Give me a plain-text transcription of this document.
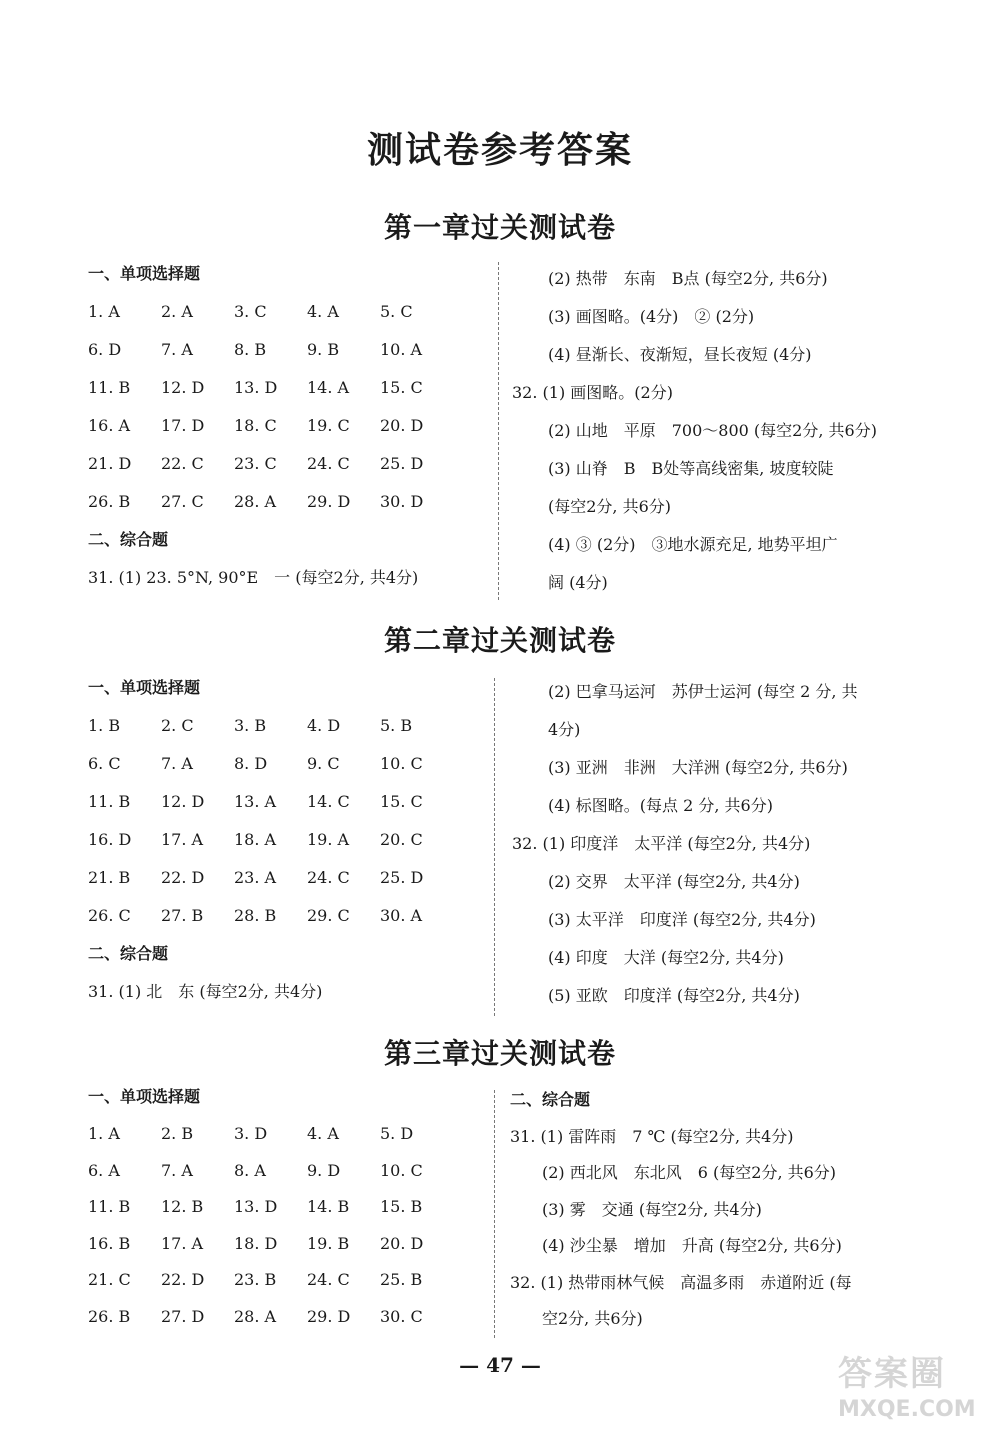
测试卷参考答案
第一章过关测试卷
一、单项选择题
1. A	2. A	3. C	4. A	5. C
6. D 7. A	8. B	9. B	10. A
11. B 12. D 13. D 14. A 15. C
16. A 17. D 18. C 19. C 20. D
21. D 22. C 23. C 24. C 25. D
26. B 27. C 28. A 29. D 30. D
二、综合题
31. (1) 23. 5°N, 90°E　一 (每空2分, 共4分)
(2) 热带　东南　B点 (每空2分, 共6分)
(3) 画图略。(4分)　② (2分)
(4) 昼渐长、夜渐短，昼长夜短 (4分)
32. (1) 画图略。(2分)
(2) 山地　平原　700～800 (每空2分, 共6分)
(3) 山脊　B　B处等高线密集, 坡度较陡
(每空2分, 共6分)
(4) ③ (2分)　③地水源充足, 地势平坦广
阔 (4分)
第二章过关测试卷
一、单项选择题
1. B	2. C	3. B	4. D 5. B
6. C	7. A	8. D 9. C	10. C
11. B 12. D 13. A 14. C 15. C
16. D 17. A 18. A 19. A 20. C
21. B 22. D 23. A 24. C 25. D
26. C 27. B 28. B 29. C 30. A
二、综合题
31. (1) 北　东 (每空2分, 共4分)
(2) 巴拿马运河　苏伊士运河 (每空 2 分, 共
4分)
(3) 亚洲　非洲　大洋洲 (每空2分, 共6分)
(4) 标图略。(每点 2 分, 共6分)
32. (1) 印度洋　太平洋 (每空2分, 共4分)
(2) 交界　太平洋 (每空2分, 共4分)
(3) 太平洋　印度洋 (每空2分, 共4分)
(4) 印度　大洋 (每空2分, 共4分)
(5) 亚欧　印度洋 (每空2分, 共4分)
第三章过关测试卷
一、单项选择题
1. A	2. B	3. D 4. A	5. D
6. A	7. A	8. A	9. D 10. C
11. B 12. B 13. D 14. B 15. B
16. B 17. A 18. D 19. B 20. D
21. C 22. D 23. B 24. C 25. B
26. B 27. D 28. A 29. D 30. C
二、综合题
31. (1) 雷阵雨　7 ℃ (每空2分, 共4分)
(2) 西北风　东北风　6 (每空2分, 共6分)
(3) 雾　交通 (每空2分, 共4分)
(4) 沙尘暴　增加　升高 (每空2分, 共6分)
32. (1) 热带雨林气候　高温多雨　赤道附近 (每
空2分, 共6分)
— 47 —	答案圈
MXQE.COM
